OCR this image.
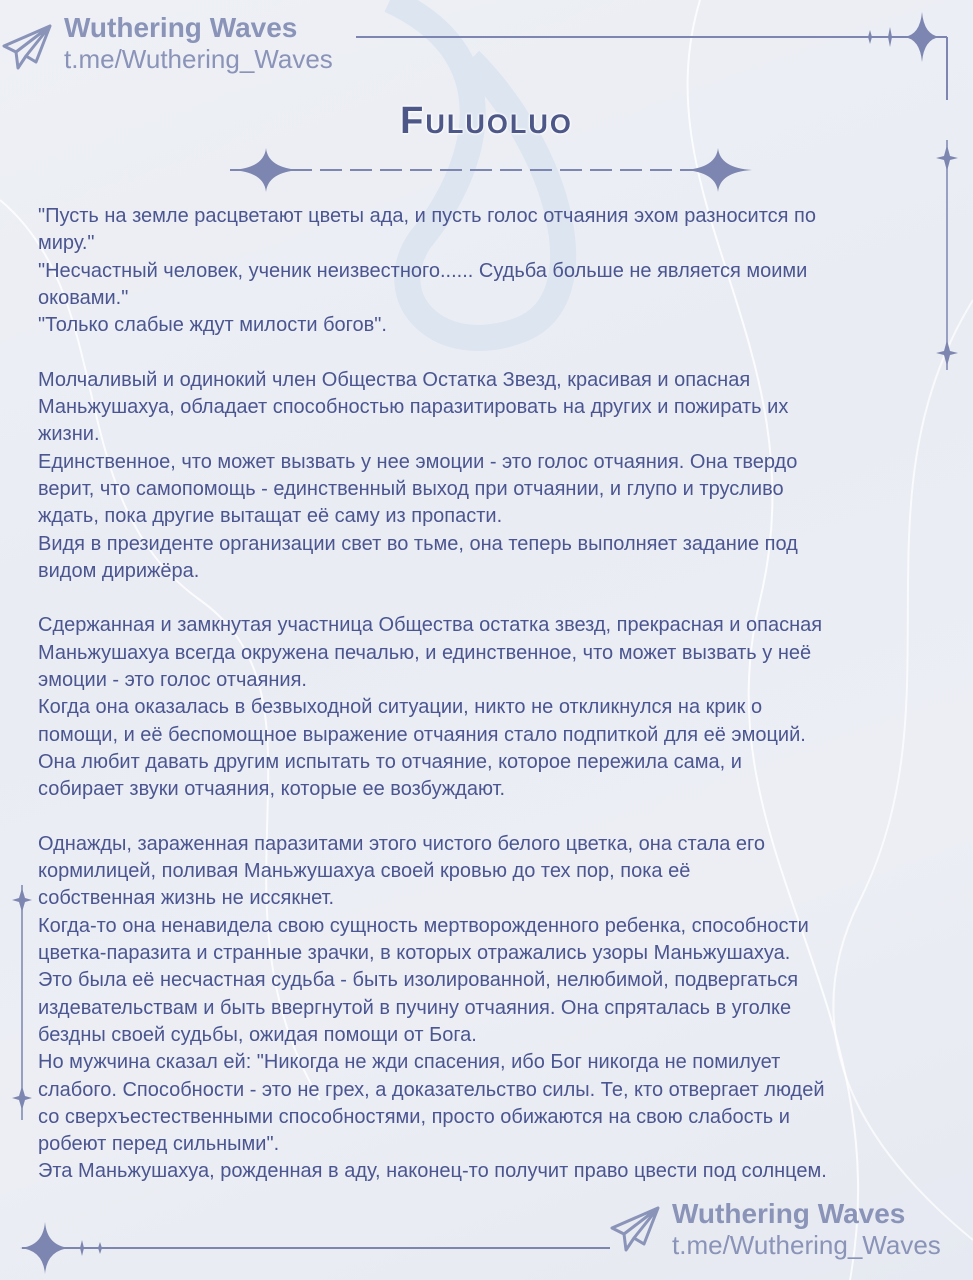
Wuthering Waves
t.me/Wuthering_Waves
Fuluoluo
"Пусть на земле расцветают цветы ада, и пусть голос отчаяния эхом разносится по
миру."
"Несчастный человек, ученик неизвестного...... Судьба больше не является моими
оковами."
"Только слабые ждут милости богов".
Молчаливый и одинокий член Общества Остатка Звезд, красивая и опасная
Маньжушахуа, обладает способностью паразитировать на других и пожирать их
жизни.
Единственное, что может вызвать у нее эмоции - это голос отчаяния. Она твердо
верит, что самопомощь - единственный выход при отчаянии, и глупо и трусливо
ждать, пока другие вытащат её саму из пропасти.
Видя в президенте организации свет во тьме, она теперь выполняет задание под
видом дирижёра.
Сдержанная и замкнутая участница Общества остатка звезд, прекрасная и опасная
Маньжушахуа всегда окружена печалью, и единственное, что может вызвать у неё
эмоции - это голос отчаяния.
Когда она оказалась в безвыходной ситуации, никто не откликнулся на крик о
помощи, и её беспомощное выражение отчаяния стало подпиткой для её эмоций.
Она любит давать другим испытать то отчаяние, которое пережила сама, и
собирает звуки отчаяния, которые ее возбуждают.
Однажды, зараженная паразитами этого чистого белого цветка, она стала его
кормилицей, поливая Маньжушахуа своей кровью до тех пор, пока её
собственная жизнь не иссякнет.
Когда-то она ненавидела свою сущность мертворожденного ребенка, способности
цветка-паразита и странные зрачки, в которых отражались узоры Маньжушахуа.
Это была её несчастная судьба - быть изолированной, нелюбимой, подвергаться
издевательствам и быть ввергнутой в пучину отчаяния. Она спряталась в уголке
бездны своей судьбы, ожидая помощи от Бога.
Но мужчина сказал ей: "Никогда не жди спасения, ибо Бог никогда не помилует
слабого. Способности - это не грех, а доказательство силы. Те, кто отвергает людей
со сверхъестественными способностями, просто обижаются на свою слабость и
робеют перед сильными".
Эта Маньжушахуа, рожденная в аду, наконец-то получит право цвести под солнцем.
Wuthering Waves
t.me/Wuthering_Waves
